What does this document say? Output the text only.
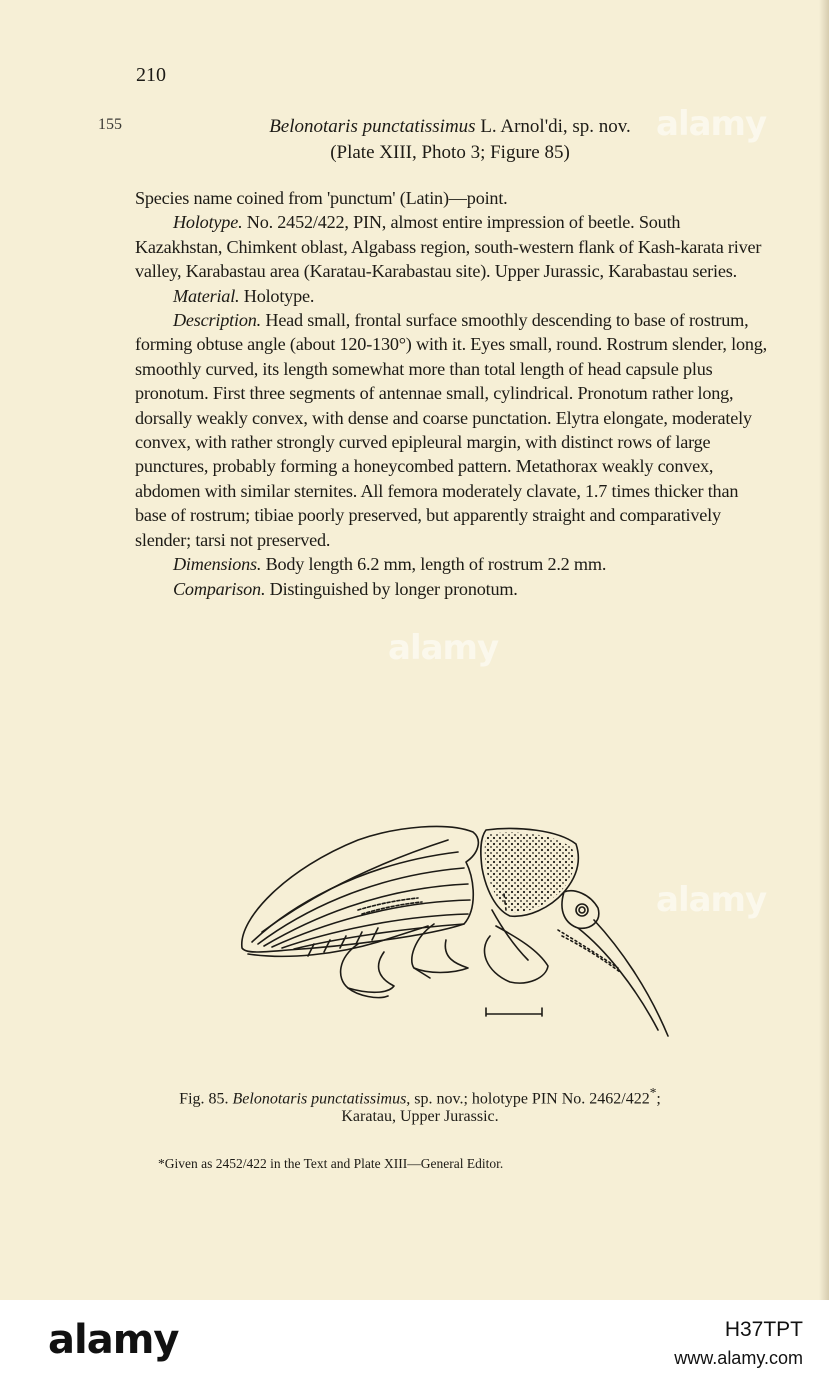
210
155	Belonotaris punctatissimus L. Arnol'di, sp. nov.
(Plate XIII, Photo 3; Figure 85)

Species name coined from 'punctum' (Latin)—point.

Holotype. No. 2452/422, PIN, almost entire impression of beetle. South Kazakhstan, Chimkent oblast, Algabass region, south-western flank of Kash-karata river valley, Karabastau area (Karatau-Karabastau site). Upper Jurassic, Karabastau series.

Material. Holotype.

Description. Head small, frontal surface smoothly descending to base of rostrum, forming obtuse angle (about 120-130°) with it. Eyes small, round. Rostrum slender, long, smoothly curved, its length somewhat more than total length of head capsule plus pronotum. First three segments of antennae small, cylindrical. Pronotum rather long, dorsally weakly convex, with dense and coarse punctation. Elytra elongate, moderately convex, with rather strongly curved epipleural margin, with distinct rows of large punctures, probably forming a honeycombed pattern. Metathorax weakly convex, abdomen with similar sternites. All femora moderately clavate, 1.7 times thicker than base of rostrum; tibiae poorly preserved, but apparently straight and comparatively slender; tarsi not preserved.

Dimensions. Body length 6.2 mm, length of rostrum 2.2 mm.

Comparison. Distinguished by longer pronotum.

Fig. 85. Belonotaris punctatissimus, sp. nov.; holotype PIN No. 2462/422*;
Karatau, Upper Jurassic.
*Given as 2452/422 in the Text and Plate XIII—General Editor.
alamy
alamy
alamy
alamy	H37TPT
www.alamy.com
